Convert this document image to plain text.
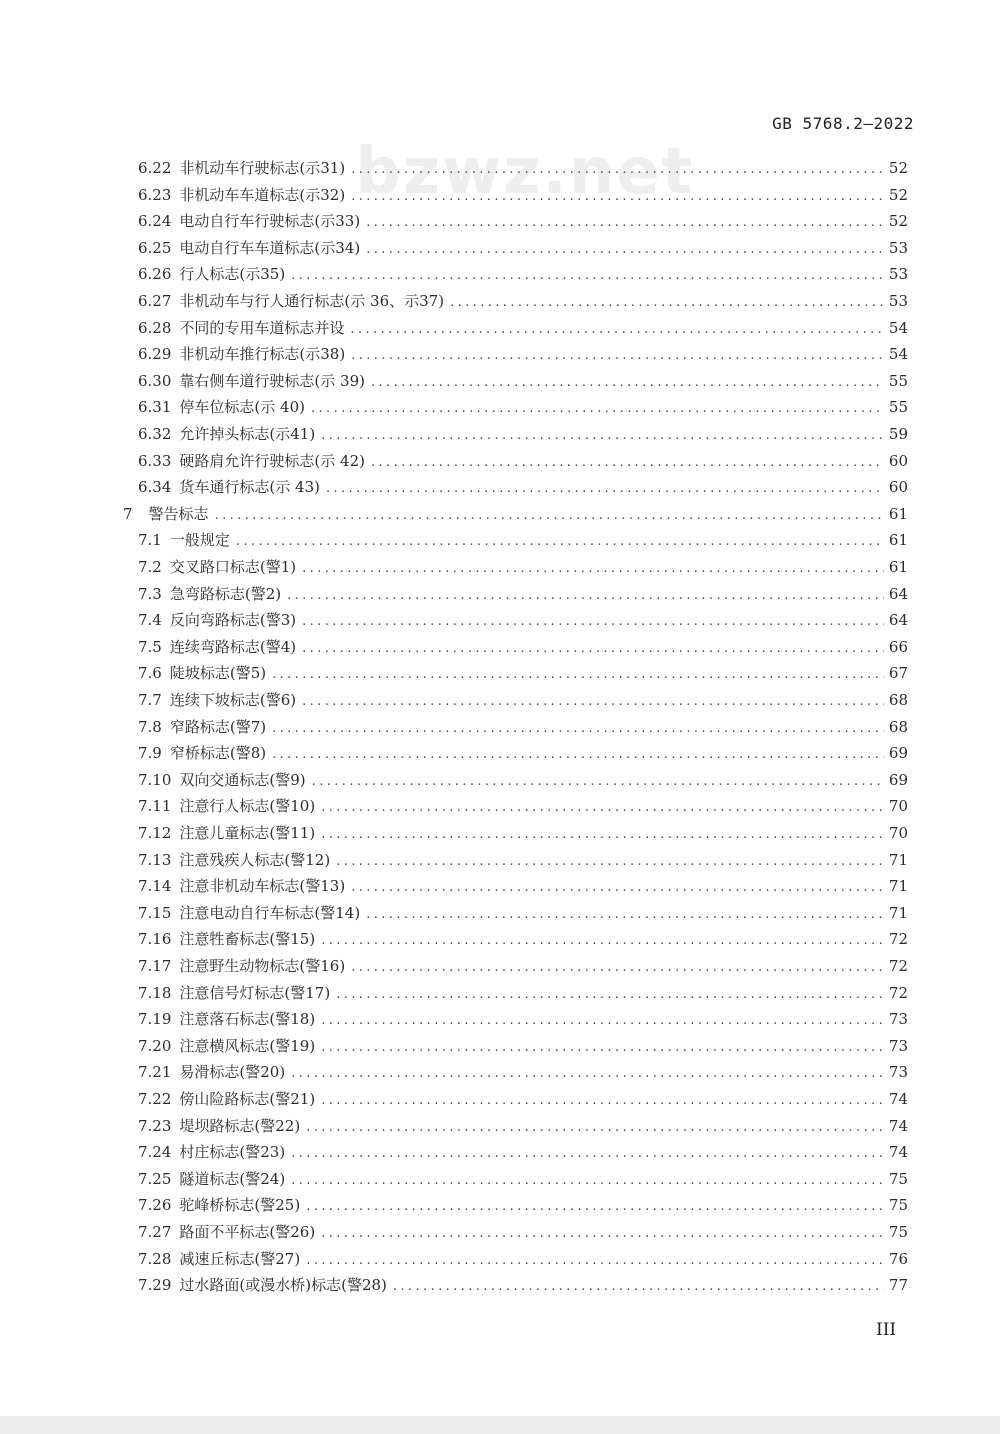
GB 5768.2—2022
bzwz.net
6.22 非机动车行驶标志(示31) .....	52
6.23 非机动车车道标志(示32) .....	52
6.24 电动自行车行驶标志(示33) .....	52
6.25 电动自行车车道标志(示34) .....	53
6.26 行人标志(示35) .....	53
6.27 非机动车与行人通行标志(示 36、示37) .....	53
6.28 不同的专用车道标志并设 .....	54
6.29 非机动车推行标志(示38) .....	54
6.30 靠右侧车道行驶标志(示 39) .....	55
6.31 停车位标志(示 40) .....	55
6.32 允许掉头标志(示41) .....	59
6.33 硬路肩允许行驶标志(示 42) .....	60
6.34 货车通行标志(示 43) .....	60
7 警告标志 .....	61
7.1 一般规定 .....	61
7.2 交叉路口标志(警1) .....	61
7.3 急弯路标志(警2) .....	64
7.4 反向弯路标志(警3) .....	64
7.5 连续弯路标志(警4) .....	66
7.6 陡坡标志(警5) .....	67
7.7 连续下坡标志(警6) .....	68
7.8 窄路标志(警7) .....	68
7.9 窄桥标志(警8) .....	69
7.10 双向交通标志(警9) .....	69
7.11 注意行人标志(警10) .....	70
7.12 注意儿童标志(警11) .....	70
7.13 注意残疾人标志(警12) .....	71
7.14 注意非机动车标志(警13) .....	71
7.15 注意电动自行车标志(警14) .....	71
7.16 注意牲畜标志(警15) .....	72
7.17 注意野生动物标志(警16) .....	72
7.18 注意信号灯标志(警17) .....	72
7.19 注意落石标志(警18) .....	73
7.20 注意横风标志(警19) .....	73
7.21 易滑标志(警20) .....	73
7.22 傍山险路标志(警21) .....	74
7.23 堤坝路标志(警22) .....	74
7.24 村庄标志(警23) .....	74
7.25 隧道标志(警24) .....	75
7.26 驼峰桥标志(警25) .....	75
7.27 路面不平标志(警26) .....	75
7.28 减速丘标志(警27) .....	76
7.29 过水路面(或漫水桥)标志(警28) .....	77
III
